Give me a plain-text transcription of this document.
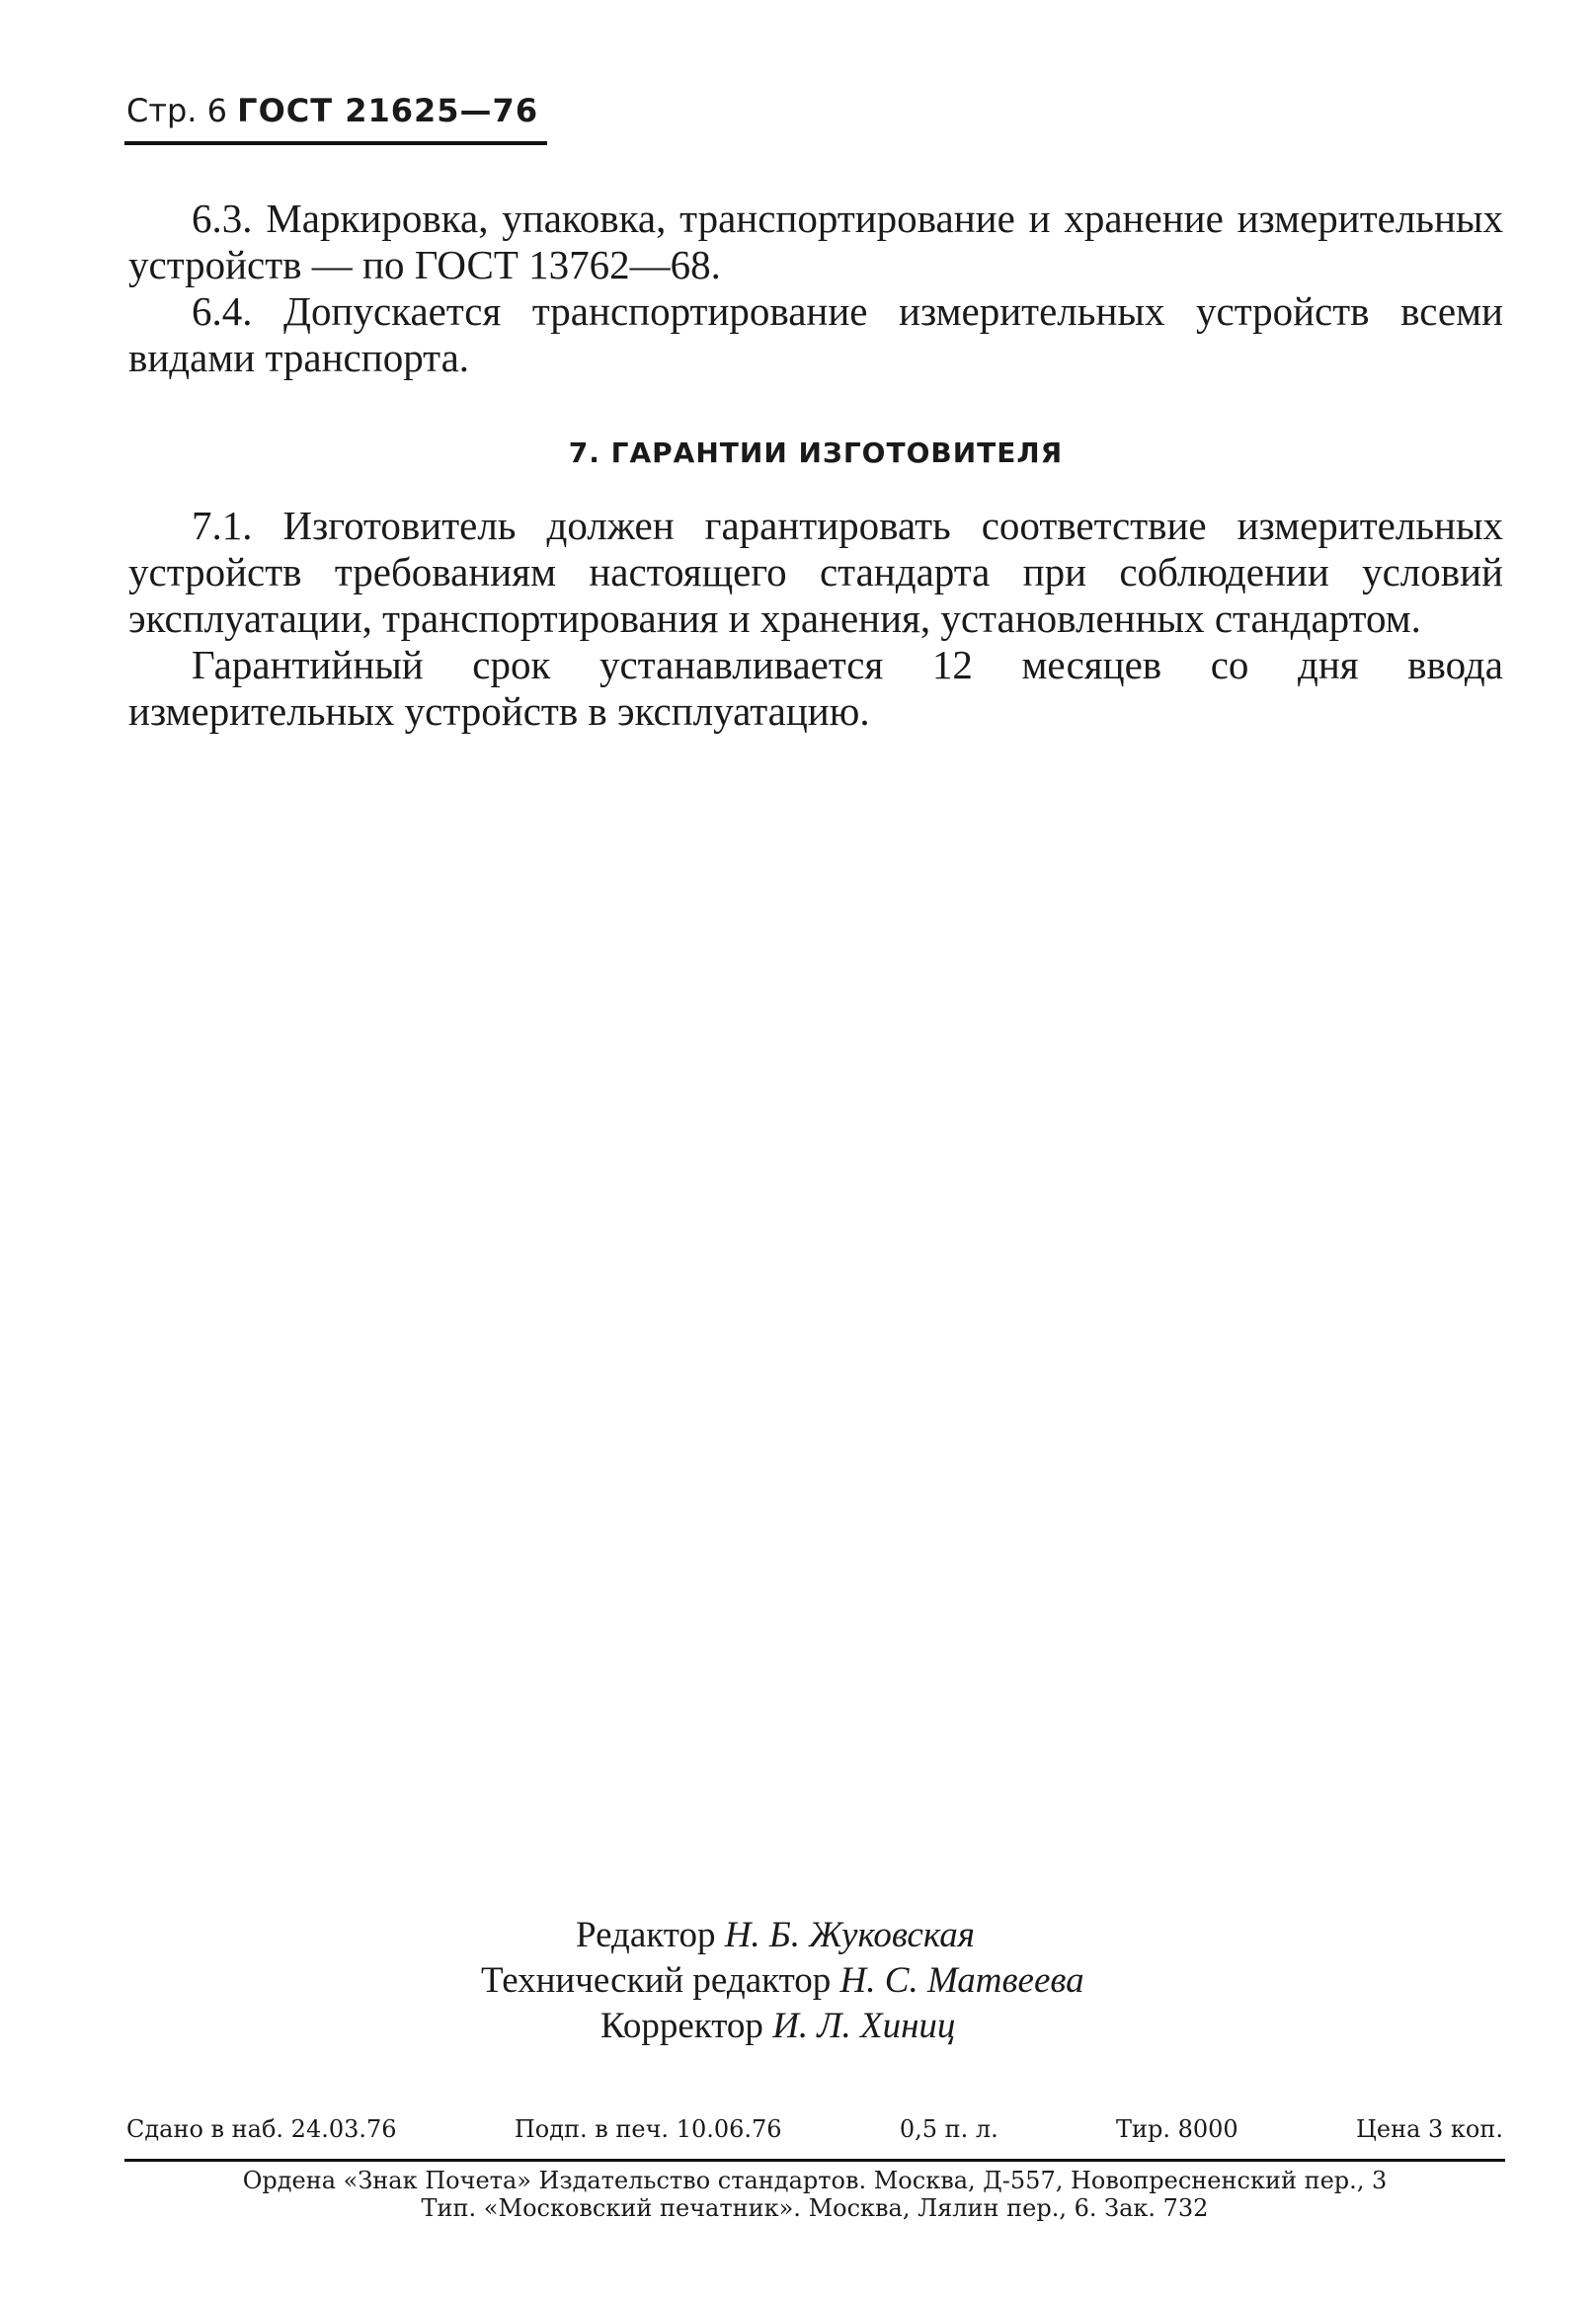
Стр. 6 ГОСТ 21625—76

6.3. Маркировка, упаковка, транспортирование и хранение измерительных устройств — по ГОСТ 13762—68.

6.4. Допускается транспортирование измерительных устройств всеми видами транспорта.

7. ГАРАНТИИ ИЗГОТОВИТЕЛЯ

7.1. Изготовитель должен гарантировать соответствие измерительных устройств требованиям настоящего стандарта при соблюдении условий эксплуатации, транспортирования и хранения, установленных стандартом.

Гарантийный срок устанавливается 12 месяцев со дня ввода измерительных устройств в эксплуатацию.

Редактор Н. Б. Жуковская
Технический редактор Н. С. Матвеева
Корректор И. Л. Хиниц
Сдано в наб. 24.03.76	Подп. в печ. 10.06.76	0,5 п. л.	Тир. 8000	Цена 3 коп.
Ордена «Знак Почета» Издательство стандартов. Москва, Д-557, Новопресненский пер., 3
Тип. «Московский печатник». Москва, Лялин пер., 6. Зак. 732
